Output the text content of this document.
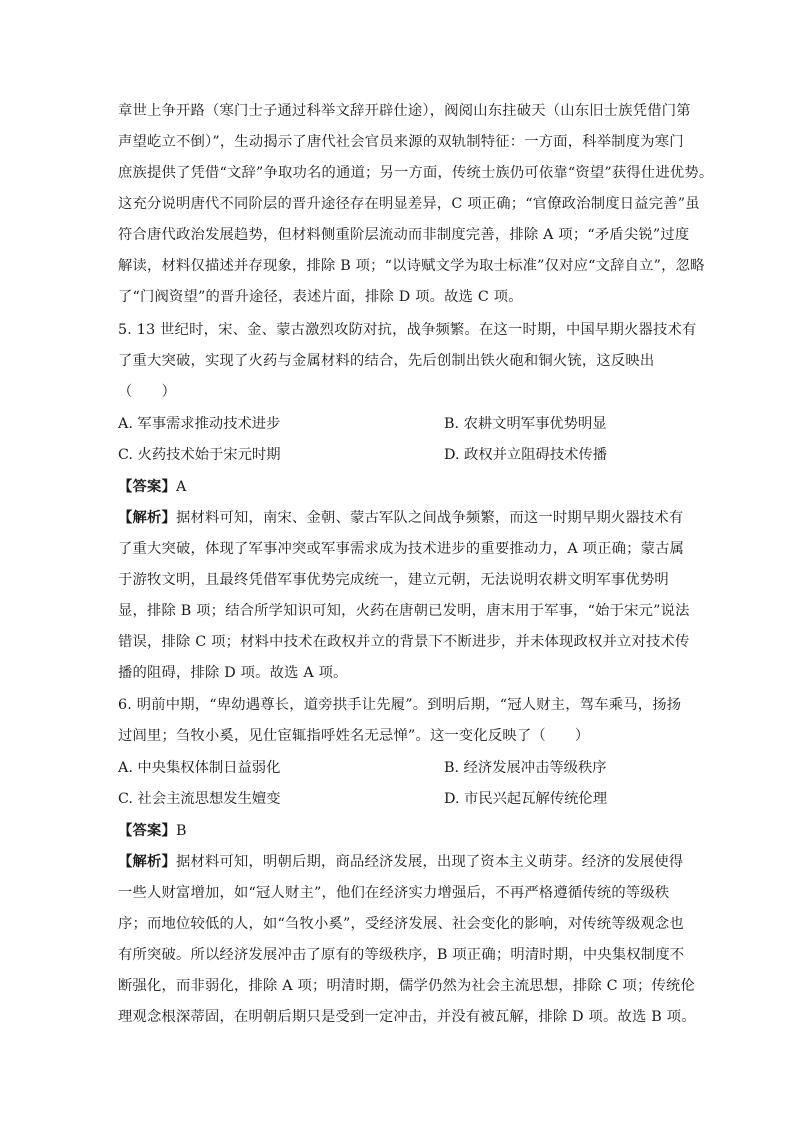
章世上争开路（寒门士子通过科举文辞开辟仕途），阀阅山东拄破天（山东旧士族凭借门第
声望屹立不倒）”，生动揭示了唐代社会官员来源的双轨制特征：一方面，科举制度为寒门
庶族提供了凭借“文辞”争取功名的通道；另一方面，传统士族仍可依靠“资望”获得仕进优势。
这充分说明唐代不同阶层的晋升途径存在明显差异，C 项正确；“官僚政治制度日益完善”虽
符合唐代政治发展趋势，但材料侧重阶层流动而非制度完善，排除 A 项；“矛盾尖锐”过度
解读，材料仅描述并存现象，排除 B 项；“以诗赋文学为取士标准”仅对应“文辞自立”，忽略
了“门阀资望”的晋升途径，表述片面，排除 D 项。故选 C 项。
5. 13 世纪时，宋、金、蒙古激烈攻防对抗，战争频繁。在这一时期，中国早期火器技术有
了重大突破，实现了火药与金属材料的结合，先后创制出铁火砲和铜火铳，这反映出
（　　）
A. 军事需求推动技术进步	B. 农耕文明军事优势明显
C. 火药技术始于宋元时期	D. 政权并立阻碍技术传播
【答案】A
【解析】据材料可知，南宋、金朝、蒙古军队之间战争频繁，而这一时期早期火器技术有
了重大突破，体现了军事冲突或军事需求成为技术进步的重要推动力，A 项正确；蒙古属
于游牧文明，且最终凭借军事优势完成统一，建立元朝，无法说明农耕文明军事优势明
显，排除 B 项；结合所学知识可知，火药在唐朝已发明，唐末用于军事，“始于宋元”说法
错误，排除 C 项；材料中技术在政权并立的背景下不断进步，并未体现政权并立对技术传
播的阻碍，排除 D 项。故选 A 项。
6. 明前中期，“卑幼遇尊长，道旁拱手让先履”。到明后期，“冠人财主，驾车乘马，扬扬
过闾里；刍牧小奚，见仕宦辄指呼姓名无忌惮”。这一变化反映了（　　）
A. 中央集权体制日益弱化	B. 经济发展冲击等级秩序
C. 社会主流思想发生嬗变	D. 市民兴起瓦解传统伦理
【答案】B
【解析】据材料可知，明朝后期，商品经济发展，出现了资本主义萌芽。经济的发展使得
一些人财富增加，如“冠人财主”，他们在经济实力增强后，不再严格遵循传统的等级秩
序；而地位较低的人，如“刍牧小奚”，受经济发展、社会变化的影响，对传统等级观念也
有所突破。所以经济发展冲击了原有的等级秩序，B 项正确；明清时期，中央集权制度不
断强化，而非弱化，排除 A 项；明清时期，儒学仍然为社会主流思想，排除 C 项；传统伦
理观念根深蒂固，在明朝后期只是受到一定冲击，并没有被瓦解，排除 D 项。故选 B 项。
